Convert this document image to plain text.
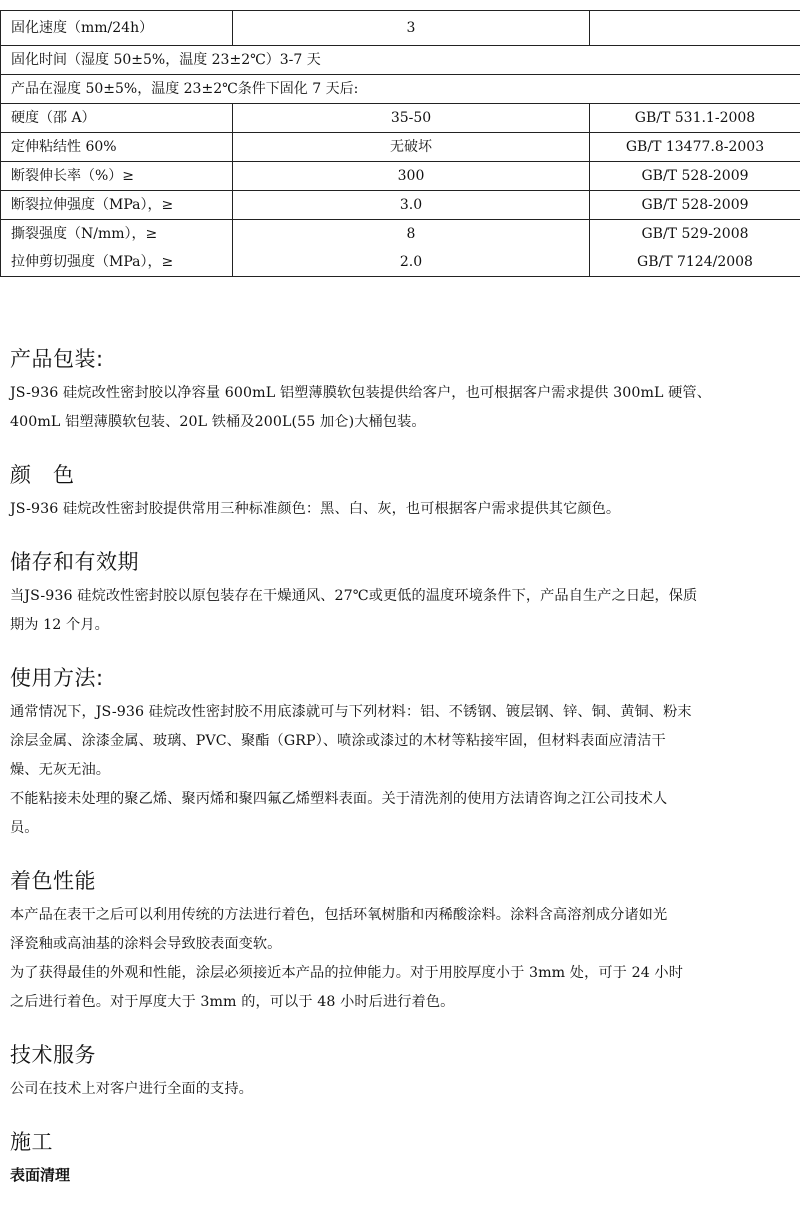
固化速度（mm/24h）	3	
固化时间（湿度 50±5%，温度 23±2℃）3-7 天		
产品在湿度 50±5%，温度 23±2℃条件下固化 7 天后:		
硬度（邵 A）	35-50	GB/T 531.1-2008
定伸粘结性 60%	无破坏	GB/T 13477.8-2003
断裂伸长率（%）≥	300	GB/T 528-2009
断裂拉伸强度（MPa），≥	3.0	GB/T 528-2009
撕裂强度（N/mm），≥	8	GB/T 529-2008
拉伸剪切强度（MPa），≥	2.0	GB/T 7124/2008
产品包装:

JS-936 硅烷改性密封胶以净容量 600mL 铝塑薄膜软包装提供给客户，也可根据客户需求提供 300mL 硬管、

400mL 铝塑薄膜软包装、20L 铁桶及200L(55 加仑)大桶包装。

颜　色

JS-936 硅烷改性密封胶提供常用三种标准颜色：黑、白、灰，也可根据客户需求提供其它颜色。

储存和有效期

当JS-936 硅烷改性密封胶以原包装存在干燥通风、27℃或更低的温度环境条件下，产品自生产之日起，保质

期为 12 个月。

使用方法:

通常情况下，JS-936 硅烷改性密封胶不用底漆就可与下列材料：铝、不锈钢、镀层钢、锌、铜、黄铜、粉末

涂层金属、涂漆金属、玻璃、PVC、聚酯（GRP）、喷涂或漆过的木材等粘接牢固，但材料表面应清洁干

燥、无灰无油。

不能粘接未处理的聚乙烯、聚丙烯和聚四氟乙烯塑料表面。关于清洗剂的使用方法请咨询之江公司技术人

员。

着色性能

本产品在表干之后可以利用传统的方法进行着色，包括环氧树脂和丙稀酸涂料。涂料含高溶剂成分诸如光

泽瓷釉或高油基的涂料会导致胶表面变软。

为了获得最佳的外观和性能，涂层必须接近本产品的拉伸能力。对于用胶厚度小于 3mm 处，可于 24 小时

之后进行着色。对于厚度大于 3mm 的，可以于 48 小时后进行着色。

技术服务

公司在技术上对客户进行全面的支持。

施工
表面清理
